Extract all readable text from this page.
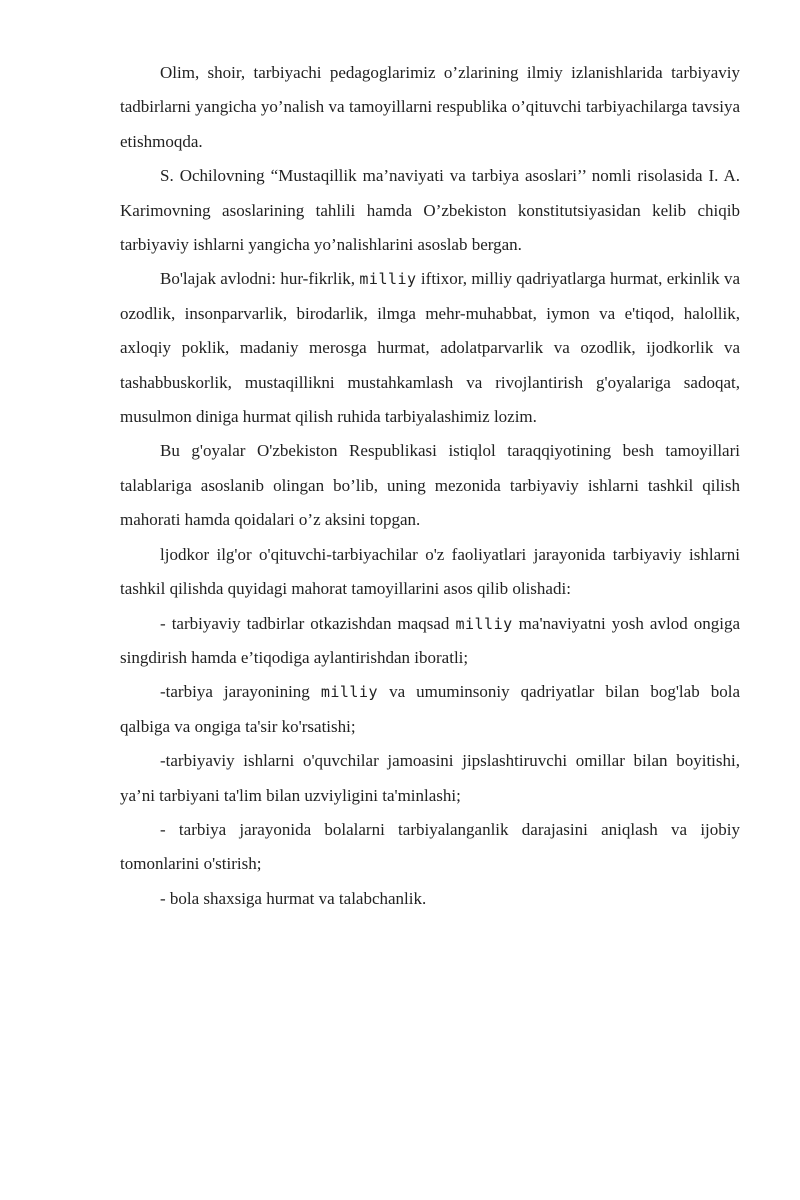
Olim, shoir, tarbiyachi pedagoglarimiz o’zlarining ilmiy izlanishlarida tarbiyaviy tadbirlarni yangicha yo’nalish va tamoyillarni respublika o’qituvchi tarbiyachilarga tavsiya etishmoqda.

S. Ochilovning “Mustaqillik ma’naviyati va tarbiya asoslari’’ nomli risolasida I. A. Karimovning asoslarining tahlili hamda O’zbekiston konstitutsiyasidan kelib chiqib tarbiyaviy ishlarni yangicha yo’nalishlarini asoslab bergan.

Bo'lajak avlodni: hur-fikrlik, milliy iftixor, milliy qadriyatlarga hurmat, erkinlik va ozodlik, insonparvarlik, birodarlik, ilmga mehr-muhabbat, iymon va e'tiqod, halollik, axloqiy poklik, madaniy merosga hurmat, adolatparvarlik va ozodlik, ijodkorlik va tashabbuskorlik, mustaqillikni mustahkamlash va rivojlantirish g'oyalariga sadoqat, musulmon diniga hurmat qilish ruhida tarbiyalashimiz lozim.

Bu g'oyalar O'zbekiston Respublikasi istiqlol taraqqiyotining besh tamoyillari talablariga asoslanib olingan bo’lib, uning mezonida tarbiyaviy ishlarni tashkil qilish mahorati hamda qoidalari o’z aksini topgan.

ljodkor ilg'or o'qituvchi-tarbiyachilar o'z faoliyatlari jarayonida tarbiyaviy ishlarni tashkil qilishda quyidagi mahorat tamoyillarini asos qilib olishadi:

- tarbiyaviy tadbirlar otkazishdan maqsad milliy ma'naviyatni yosh avlod ongiga singdirish hamda e’tiqodiga aylantirishdan iboratli;

-tarbiya jarayonining milliy va umuminsoniy qadriyatlar bilan bog'lab bola qalbiga va ongiga ta'sir ko'rsatishi;

-tarbiyaviy ishlarni o'quvchilar jamoasini jipslashtiruvchi omillar bilan boyitishi, ya’ni tarbiyani ta'lim bilan uzviyligini ta'minlashi;

- tarbiya jarayonida bolalarni tarbiyalanganlik darajasini aniqlash va ijobiy tomonlarini o'stirish;

- bola shaxsiga hurmat va talabchanlik.
